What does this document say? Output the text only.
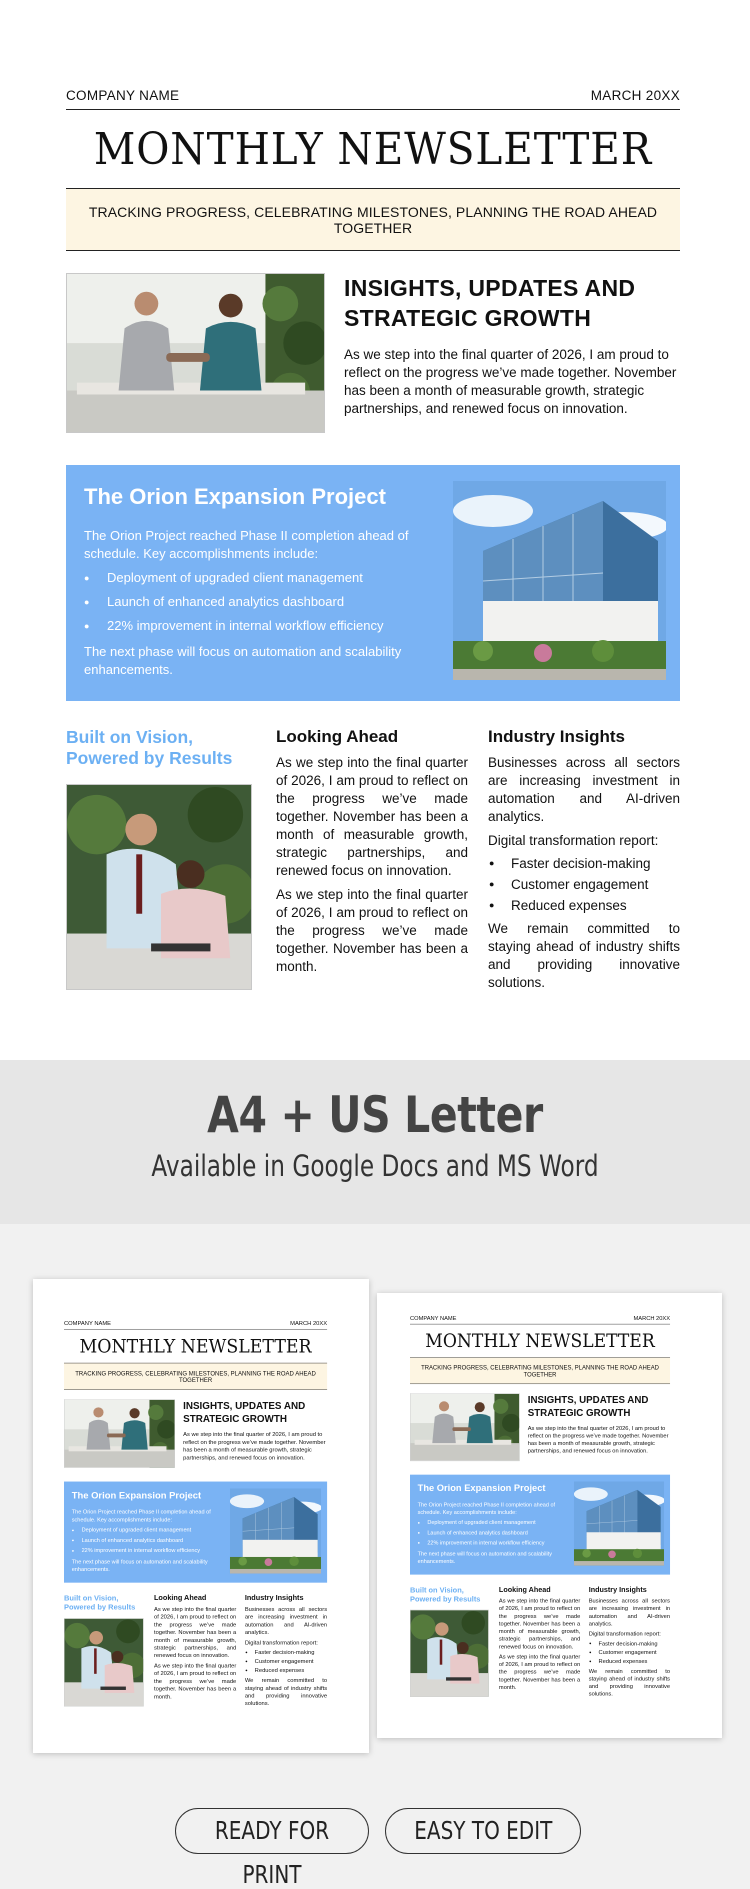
COMPANY NAME	MARCH 20XX
MONTHLY NEWSLETTER
TRACKING PROGRESS, CELEBRATING MILESTONES, PLANNING THE ROAD AHEAD TOGETHER
INSIGHTS, UPDATES AND STRATEGIC GROWTH

As we step into the final quarter of 2026, I am proud to reflect on the progress we’ve made together. November has been a month of measurable growth, strategic partnerships, and renewed focus on innovation.

The Orion Expansion Project

The Orion Project reached Phase II completion ahead of schedule. Key accomplishments include:

● Deployment of upgraded client management
● Launch of enhanced analytics dashboard
● 22% improvement in internal workflow efficiency

The next phase will focus on automation and scalability enhancements.

Built on Vision, Powered by Results
Looking Ahead

As we step into the final quarter of 2026, I am proud to reflect on the progress we’ve made together. November has been a month of measurable growth, strategic partnerships, and renewed focus on innovation.

As we step into the final quarter of 2026, I am proud to reflect on the progress we’ve made together. November has been a month.

Industry Insights

Businesses across all sectors are increasing investment in automation and AI-driven analytics.

Digital transformation report:

● Faster decision-making
● Customer engagement
● Reduced expenses

We remain committed to staying ahead of industry shifts and providing innovative solutions.

A4 + US Letter
Available in Google Docs and MS Word
COMPANY NAME	MARCH 20XX
MONTHLY NEWSLETTER
TRACKING PROGRESS, CELEBRATING MILESTONES, PLANNING THE ROAD AHEAD TOGETHER
INSIGHTS, UPDATES AND STRATEGIC GROWTH

As we step into the final quarter of 2026, I am proud to reflect on the progress we’ve made together. November has been a month of measurable growth, strategic partnerships, and renewed focus on innovation.

The Orion Expansion Project

The Orion Project reached Phase II completion ahead of schedule. Key accomplishments include:

● Deployment of upgraded client management
● Launch of enhanced analytics dashboard
● 22% improvement in internal workflow efficiency

The next phase will focus on automation and scalability enhancements.

Built on Vision, Powered by Results
Looking Ahead

As we step into the final quarter of 2026, I am proud to reflect on the progress we’ve made together. November has been a month of measurable growth, strategic partnerships, and renewed focus on innovation.

As we step into the final quarter of 2026, I am proud to reflect on the progress we’ve made together. November has been a month.

Industry Insights

Businesses across all sectors are increasing investment in automation and AI-driven analytics.

Digital transformation report:

● Faster decision-making
● Customer engagement
● Reduced expenses

We remain committed to staying ahead of industry shifts and providing innovative solutions.

COMPANY NAME	MARCH 20XX
MONTHLY NEWSLETTER
TRACKING PROGRESS, CELEBRATING MILESTONES, PLANNING THE ROAD AHEAD TOGETHER
INSIGHTS, UPDATES AND STRATEGIC GROWTH

As we step into the final quarter of 2026, I am proud to reflect on the progress we’ve made together. November has been a month of measurable growth, strategic partnerships, and renewed focus on innovation.

The Orion Expansion Project

The Orion Project reached Phase II completion ahead of schedule. Key accomplishments include:

● Deployment of upgraded client management
● Launch of enhanced analytics dashboard
● 22% improvement in internal workflow efficiency

The next phase will focus on automation and scalability enhancements.

Built on Vision, Powered by Results
Looking Ahead

As we step into the final quarter of 2026, I am proud to reflect on the progress we’ve made together. November has been a month of measurable growth, strategic partnerships, and renewed focus on innovation.

As we step into the final quarter of 2026, I am proud to reflect on the progress we’ve made together. November has been a month.

Industry Insights

Businesses across all sectors are increasing investment in automation and AI-driven analytics.

Digital transformation report:

● Faster decision-making
● Customer engagement
● Reduced expenses

We remain committed to staying ahead of industry shifts and providing innovative solutions.

READY FOR PRINT
EASY TO EDIT
